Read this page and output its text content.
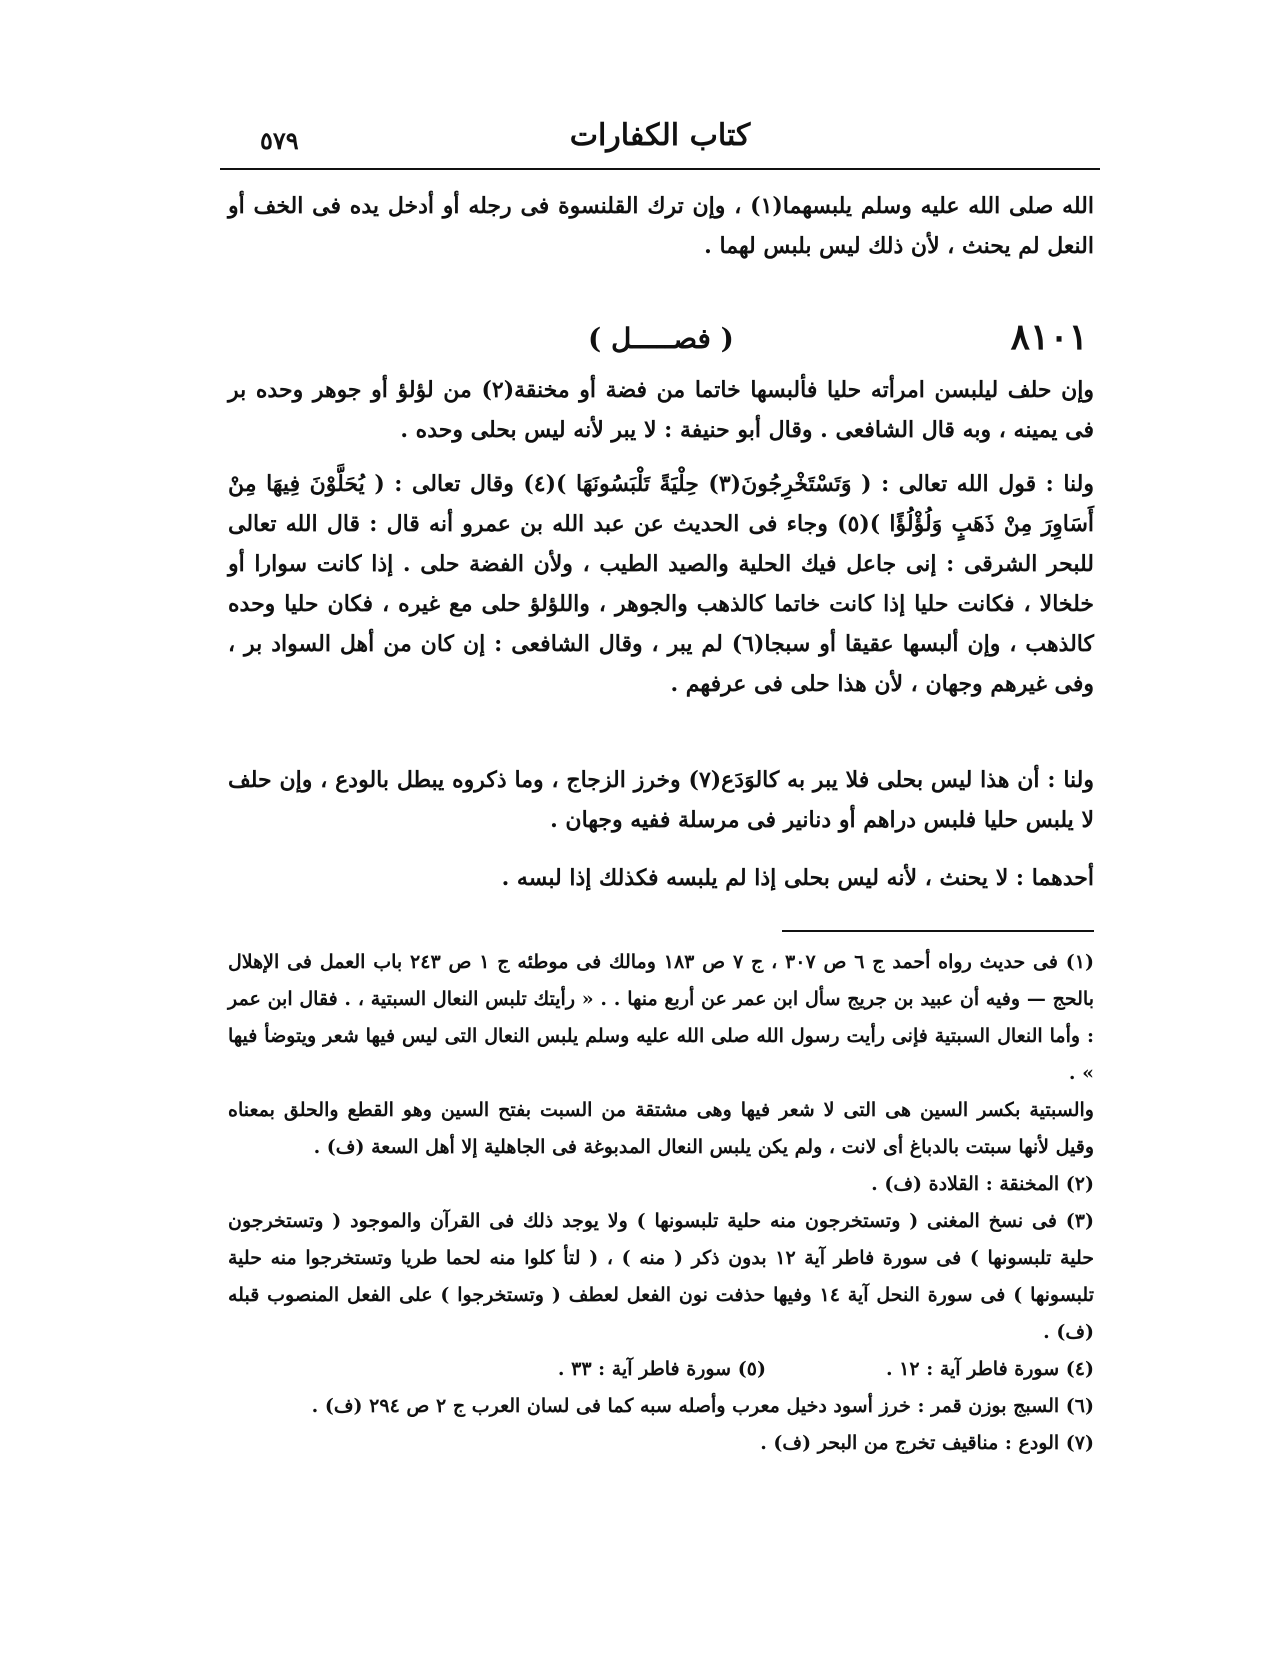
٥٧٩	كتاب الكفارات

الله صلى الله عليه وسلم يلبسهما(١) ، وإن ترك القلنسوة فى رجله أو أدخل يده فى الخف أو النعل لم يحنث ، لأن ذلك ليس بلبس لهما .

٨١٠١
( فصـــــل )

وإن حلف ليلبسن امرأته حليا فألبسها خاتما من فضة أو مخنقة(٢) من لؤلؤ أو جوهر وحده بر فى يمينه ، وبه قال الشافعى . وقال أبو حنيفة : لا يبر لأنه ليس بحلى وحده .

ولنا : قول الله تعالى : ( وَتَسْتَخْرِجُونَ(٣) حِلْيَةً تَلْبَسُونَهَا )(٤) وقال تعالى : ( يُحَلَّوْنَ فِيهَا مِنْ أَسَاوِرَ مِنْ ذَهَبٍ وَلُؤْلُؤًا )(٥) وجاء فى الحديث عن عبد الله بن عمرو أنه قال : قال الله تعالى للبحر الشرقى : إنى جاعل فيك الحلية والصيد الطيب ، ولأن الفضة حلى . إذا كانت سوارا أو خلخالا ، فكانت حليا إذا كانت خاتما كالذهب والجوهر ، واللؤلؤ حلى مع غيره ، فكان حليا وحده كالذهب ، وإن ألبسها عقيقا أو سبجا(٦) لم يبر ، وقال الشافعى : إن كان من أهل السواد بر ، وفى غيرهم وجهان ، لأن هذا حلى فى عرفهم .

ولنا : أن هذا ليس بحلى فلا يبر به كالوَدَع(٧) وخرز الزجاج ، وما ذكروه يبطل بالودع ، وإن حلف لا يلبس حليا فلبس دراهم أو دنانير فى مرسلة ففيه وجهان .

أحدهما : لا يحنث ، لأنه ليس بحلى إذا لم يلبسه فكذلك إذا لبسه .

(١) فى حديث رواه أحمد ج ٦ ص ٣٠٧ ، ج ٧ ص ١٨٣ ومالك فى موطئه ج ١ ص ٢٤٣ باب العمل فى الإهلال بالحج — وفيه أن عبيد بن جريج سأل ابن عمر عن أربع منها . . « رأيتك تلبس النعال السبتية ، . فقال ابن عمر : وأما النعال السبتية فإنى رأيت رسول الله صلى الله عليه وسلم يلبس النعال التى ليس فيها شعر ويتوضأ فيها » .

والسبتية بكسر السين هى التى لا شعر فيها وهى مشتقة من السبت بفتح السين وهو القطع والحلق بمعناه وقيل لأنها سبتت بالدباغ أى لانت ، ولم يكن يلبس النعال المدبوغة فى الجاهلية إلا أهل السعة (ف) .

(٢) المخنقة : القلادة (ف) .

(٣) فى نسخ المغنى ( وتستخرجون منه حلية تلبسونها ) ولا يوجد ذلك فى القرآن والموجود ( وتستخرجون حلية تلبسونها ) فى سورة فاطر آية ١٢ بدون ذكر ( منه ) ، ( لتأ كلوا منه لحما طريا وتستخرجوا منه حلية تلبسونها ) فى سورة النحل آية ١٤ وفيها حذفت نون الفعل لعطف ( وتستخرجوا ) على الفعل المنصوب قبله (ف) .

(٤) سورة فاطر آية : ١٢ .
(٥) سورة فاطر آية : ٣٣ .

(٦) السبج بوزن قمر : خرز أسود دخيل معرب وأصله سبه كما فى لسان العرب ج ٢ ص ٢٩٤ (ف) .

(٧) الودع : مناقيف تخرج من البحر (ف) .
